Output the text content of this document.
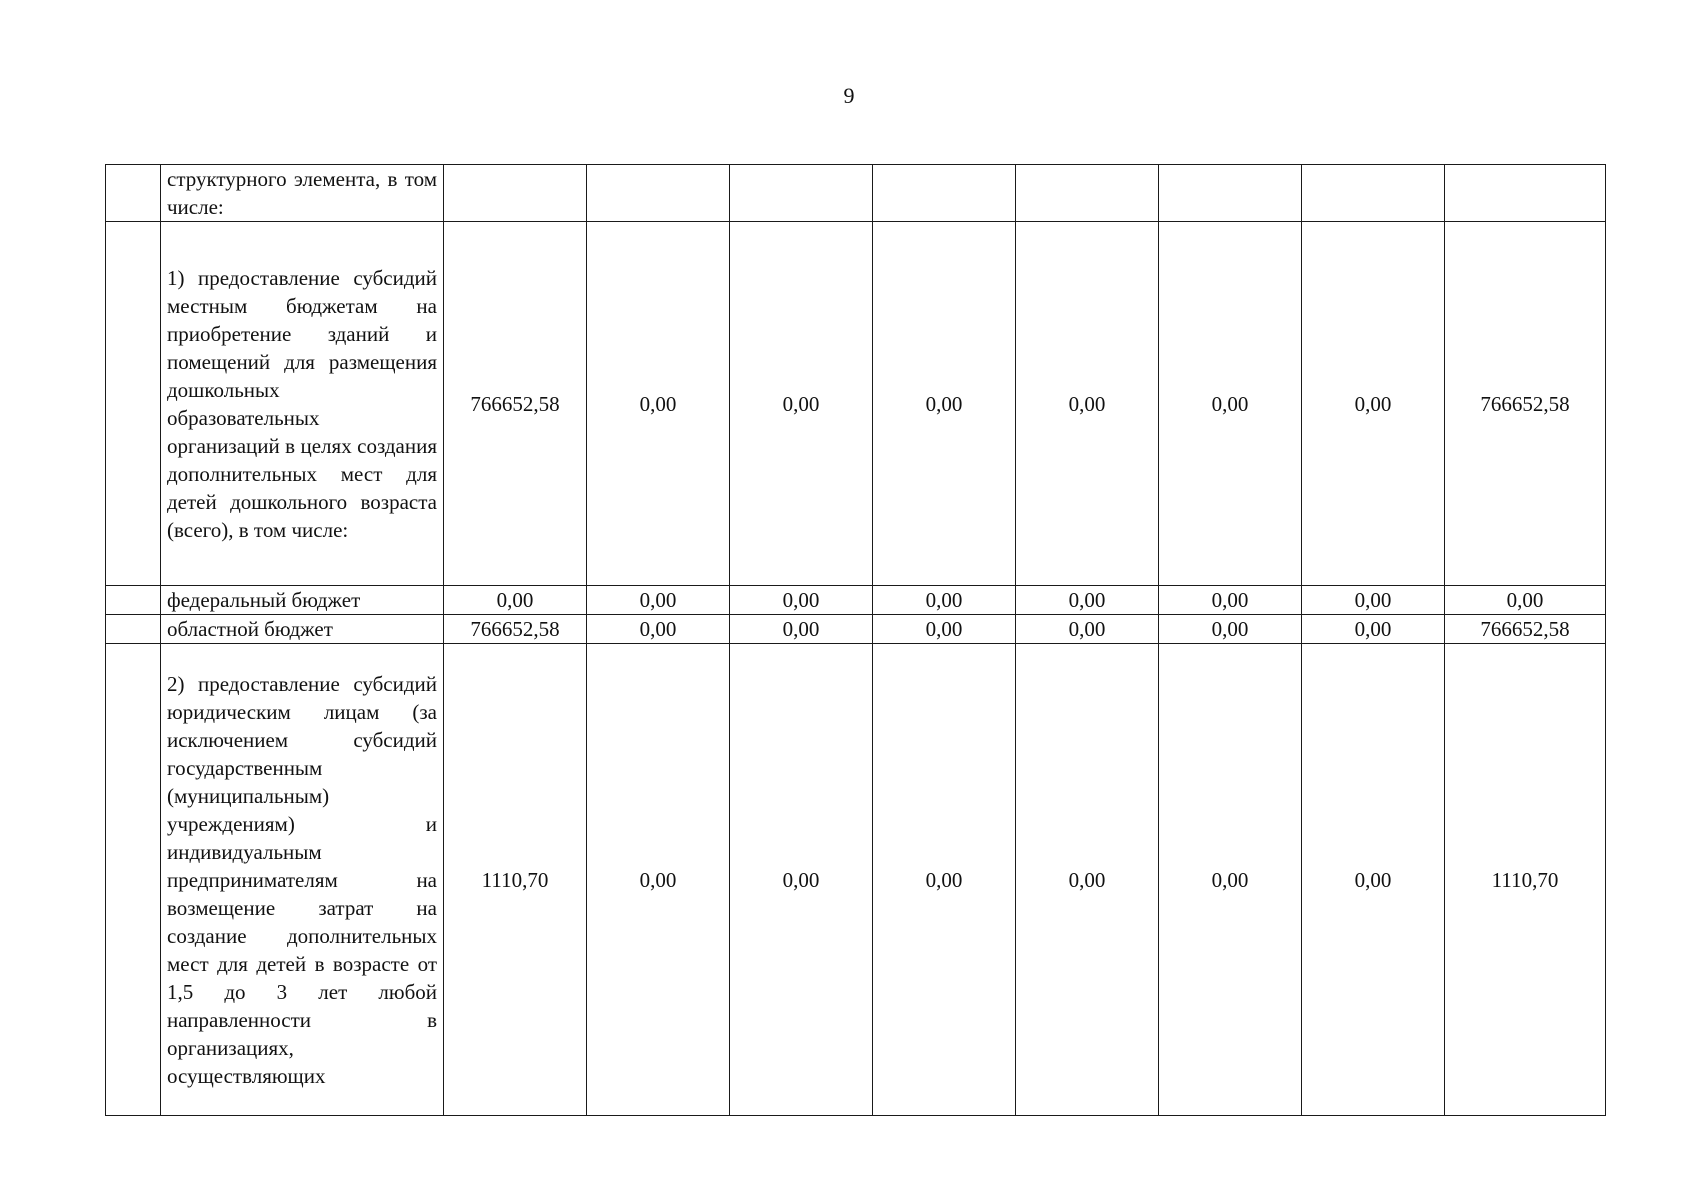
9

	структурного элемента, в том числе:								

	1) предоставление субсидий местным бюджетам на приобретение зданий и помещений для размещения дошкольных образовательных организаций в целях создания дополнительных мест для детей дошкольного возраста (всего), в том числе:	766652,58	0,00	0,00	0,00	0,00	0,00	0,00	766652,58
	федеральный бюджет	0,00	0,00	0,00	0,00	0,00	0,00	0,00	0,00
	областной бюджет	766652,58	0,00	0,00	0,00	0,00	0,00	0,00	766652,58

	2) предоставление субсидий юридическим лицам (за исключением субсидий государственным (муниципальным) учреждениям) и индивидуальным предпринимателям на возмещение затрат на создание дополнительных мест для детей в возрасте от 1,5 до 3 лет любой направленности в организациях, осуществляющих	1110,70	0,00	0,00	0,00	0,00	0,00	0,00	1110,70
